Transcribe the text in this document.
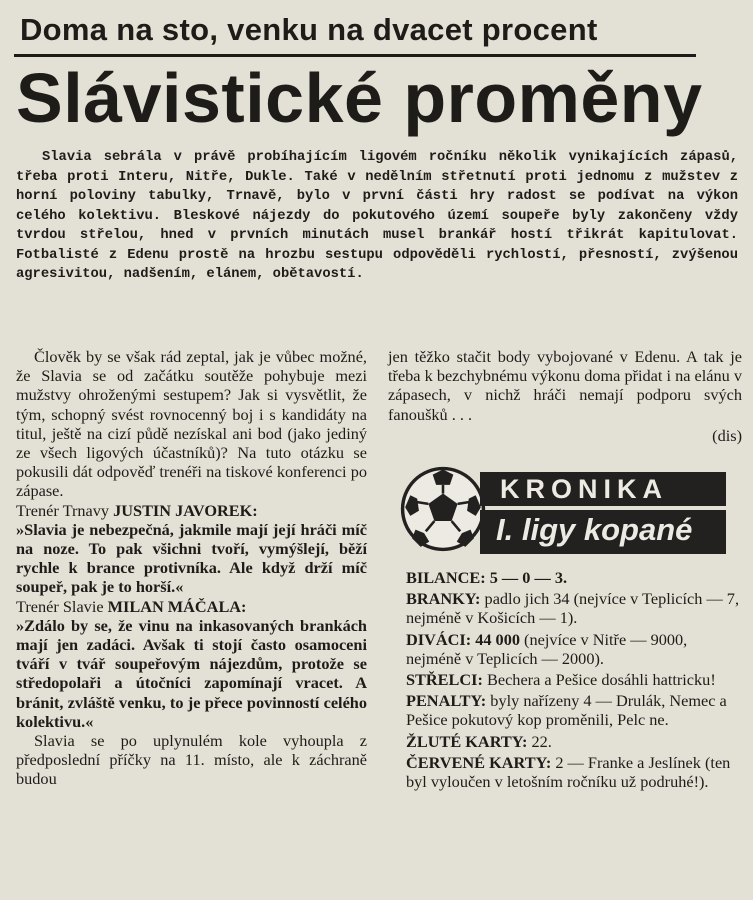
Doma na sto, venku na dvacet procent
Slávistické proměny

Slavia sebrála v právě probíhajícím ligovém ročníku několik vynikajících zápasů, třeba proti Interu, Nitře, Dukle. Také v nedělním střetnutí proti jednomu z mužstev z horní poloviny tabulky, Trnavě, bylo v první části hry radost se podívat na výkon celého kolektivu. Bleskové nájezdy do pokutového území soupeře byly zakončeny vždy tvrdou střelou, hned v prvních minutách musel brankář hostí třikrát kapitulovat. Fotbalisté z Edenu prostě na hrozbu sestupu odpověděli rychlostí, přesností, zvýšenou agresivitou, nadšením, elánem, obětavostí.

Člověk by se však rád zeptal, jak je vůbec možné, že Slavia se od začátku soutěže pohybuje mezi mužstvy ohroženými sestupem? Jak si vysvětlit, že tým, schopný svést rovnocenný boj i s kandidáty na titul, ještě na cizí půdě nezískal ani bod (jako jediný ze všech ligových účastníků)? Na tuto otázku se pokusili dát odpověď trenéři na tiskové konferenci po zápase.

Trenér Trnavy JUSTIN JAVOREK:

»Slavia je nebezpečná, jakmile mají její hráči míč na noze. To pak všichni tvoří, vymýšlejí, běží rychle k brance protivníka. Ale když drží míč soupeř, pak je to horší.«

Trenér Slavie MILAN MÁČALA:

»Zdálo by se, že vinu na inkasovaných brankách mají jen zadáci. Avšak ti stojí často osamoceni tváří v tvář soupeřovým nájezdům, protože se středopolaři a útočníci zapomínají vracet. A bránit, zvláště venku, to je přece povinností celého kolektivu.«

Slavia se po uplynulém kole vyhoupla z předposlední příčky na 11. místo, ale k záchraně budou

jen těžko stačit body vybojované v Edenu. A tak je třeba k bezchybnému výkonu doma přidat i na elánu v zápasech, v nichž hráči nemají podporu svých fanoušků . . .

(dis)

KRONIKA
I. ligy kopané

BILANCE: 5 — 0 — 3.

BRANKY: padlo jich 34 (nejvíce v Teplicích — 7, nejméně v Košicích — 1).

DIVÁCI: 44 000 (nejvíce v Nitře — 9000, nejméně v Teplicích — 2000).

STŘELCI: Bechera a Pešice dosáhli hattricku!

PENALTY: byly nařízeny 4 — Drulák, Nemec a Pešice pokutový kop proměnili, Pelc ne.

ŽLUTÉ KARTY: 22.

ČERVENÉ KARTY: 2 — Franke a Jeslínek (ten byl vyloučen v letošním ročníku už podruhé!).
